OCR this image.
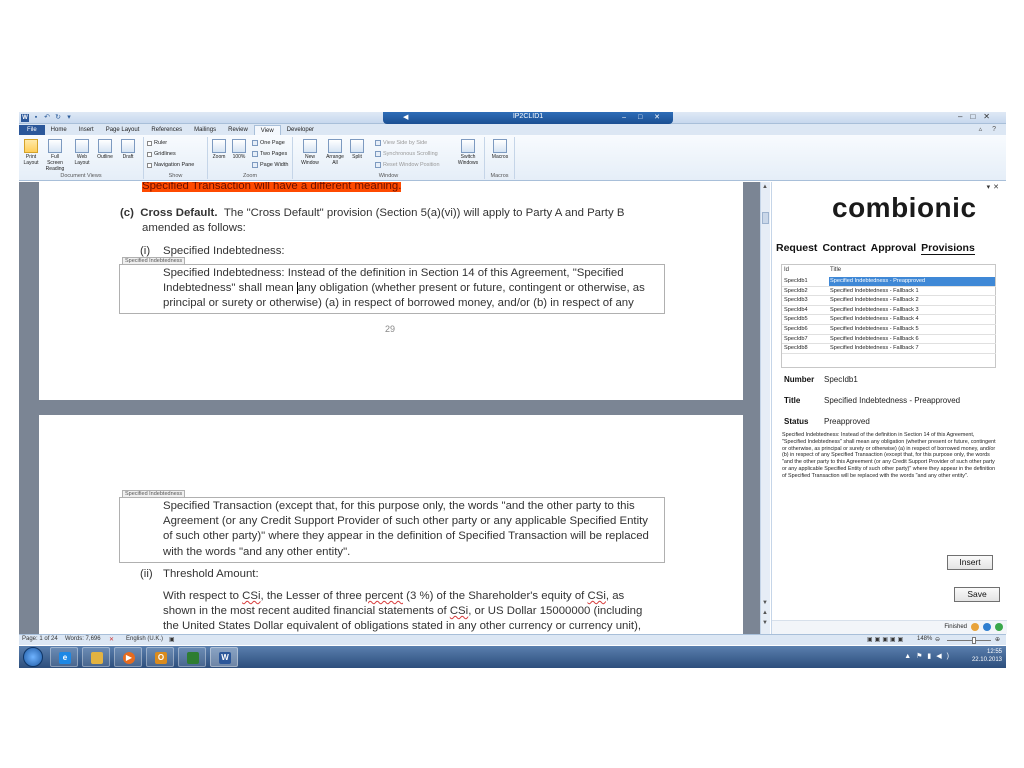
W ▪ ↶ ↻ ▾	◀	IP2CLID1	– □ ✕	–□✕
File	Home	Insert	Page Layout	References	Mailings	Review	View	Developer	▵ ?
Print Layout
Full Screen Reading
Web Layout
Outline	Draft
Document Views
Ruler
Gridlines
Navigation Pane
Show
Zoom	100%
One Page
Two Pages
Page Width
Zoom
New Window
Arrange All
Split
View Side by Side
Synchronous Scrolling
Reset Window Position
Switch Windows
Window
Macros
Macros
Specified Transaction will have a different meaning.
(c) Cross Default. The "Cross Default" provision (Section 5(a)(vi)) will apply to Party A and Party B
amended as follows:
(i) Specified Indebtedness:
Specified Indebtedness
Specified Indebtedness: Instead of the definition in Section 14 of this Agreement, "Specified
Indebtedness" shall mean any obligation (whether present or future, contingent or otherwise, as
principal or surety or otherwise) (a) in respect of borrowed money, and/or (b) in respect of any
29
Specified Indebtedness
Specified Transaction (except that, for this purpose only, the words "and the other party to this
Agreement (or any Credit Support Provider of such other party or any applicable Specified Entity
of such other party)" where they appear in the definition of Specified Transaction will be replaced
with the words "and any other entity".
(ii) Threshold Amount:
With respect to CSi, the Lesser of three percent (3 %) of the Shareholder's equity of CSi, as
shown in the most recent audited financial statements of CSi, or US Dollar 15000000 (including
the United States Dollar equivalent of obligations stated in any other currency or currency unit),
▲
▼
▲
▼
▾✕
combionic
Request Contract Approval Provisions
Id	Title
SpecIdb1	Specified Indebtedness - Preapproved
SpecIdb2	Specified Indebtedness - Fallback 1
SpecIdb3	Specified Indebtedness - Fallback 2
SpecIdb4	Specified Indebtedness - Fallback 3
SpecIdb5	Specified Indebtedness - Fallback 4
SpecIdb6	Specified Indebtedness - Fallback 5
SpecIdb7	Specified Indebtedness - Fallback 6
SpecIdb8	Specified Indebtedness - Fallback 7
Number SpecIdb1
Title	Specified Indebtedness - Preapproved
Status Preapproved
Specified Indebtedness: Instead of the definition in Section 14 of this Agreement, "Specified Indebtedness" shall mean any obligation (whether present or future, contingent or otherwise, as principal or surety or otherwise) (a) in respect of borrowed money, and/or (b) in respect of any Specified Transaction (except that, for this purpose only, the words "and the other party to this Agreement (or any Credit Support Provider of such other party or any applicable Specified Entity of such other party)" where they appear in the definition of Specified Transaction will be replaced with the words "and any other entity".
Insert
Save
Finished
Page: 1 of 24 Words: 7,696 ✕ English (U.K.) ▣	▣▣▣▣▣ 148% ⊖	⊕
e	▶	O	W	▲⚑▮◀)
12:55
22.10.2013
